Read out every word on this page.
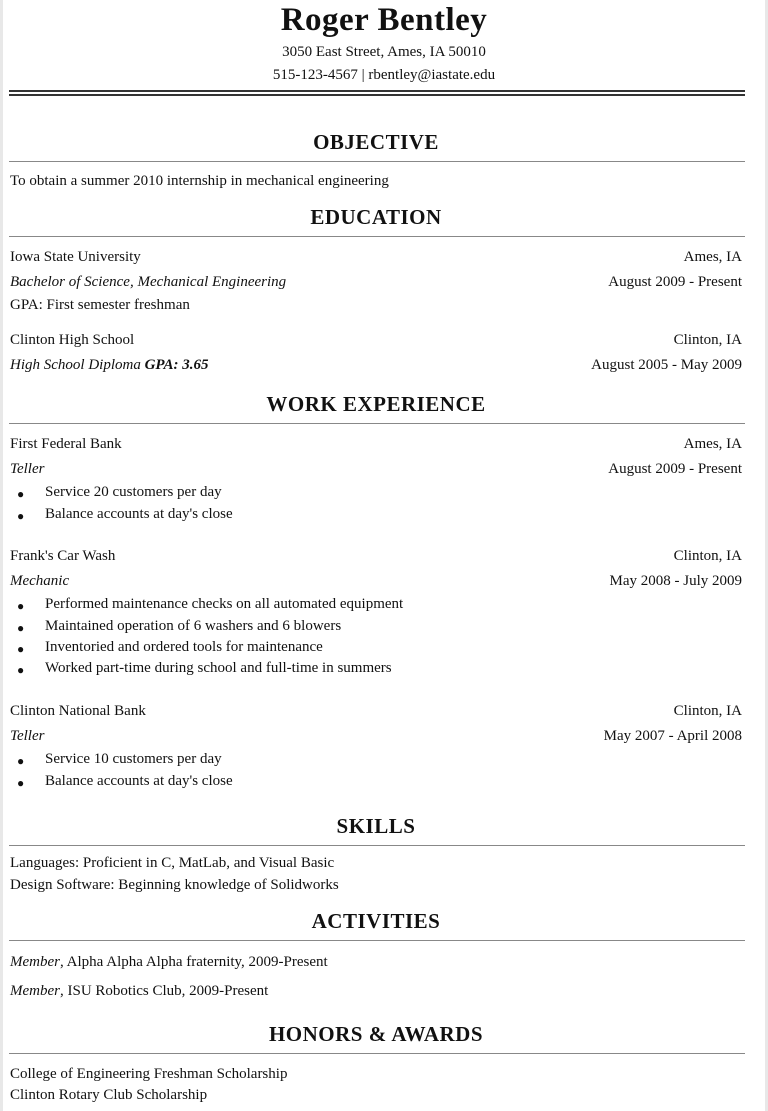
Roger Bentley
3050 East Street, Ames, IA 50010
515-123-4567 | rbentley@iastate.edu
OBJECTIVE
To obtain a summer 2010 internship in mechanical engineering
EDUCATION
Iowa State University	Ames, IA
Bachelor of Science, Mechanical Engineering	August 2009 - Present
GPA: First semester freshman
Clinton High School	Clinton, IA
High School Diploma GPA: 3.65	August 2005 - May 2009
WORK EXPERIENCE
First Federal Bank	Ames, IA
Teller	August 2009 - Present
● Service 20 customers per day
● Balance accounts at day's close
Frank's Car Wash	Clinton, IA
Mechanic	May 2008 - July 2009
● Performed maintenance checks on all automated equipment
● Maintained operation of 6 washers and 6 blowers
● Inventoried and ordered tools for maintenance
● Worked part-time during school and full-time in summers
Clinton National Bank	Clinton, IA
Teller	May 2007 - April 2008
● Service 10 customers per day
● Balance accounts at day's close
SKILLS
Languages: Proficient in C, MatLab, and Visual Basic
Design Software: Beginning knowledge of Solidworks
ACTIVITIES
Member, Alpha Alpha Alpha fraternity, 2009-Present
Member, ISU Robotics Club, 2009-Present
HONORS & AWARDS
College of Engineering Freshman Scholarship
Clinton Rotary Club Scholarship
